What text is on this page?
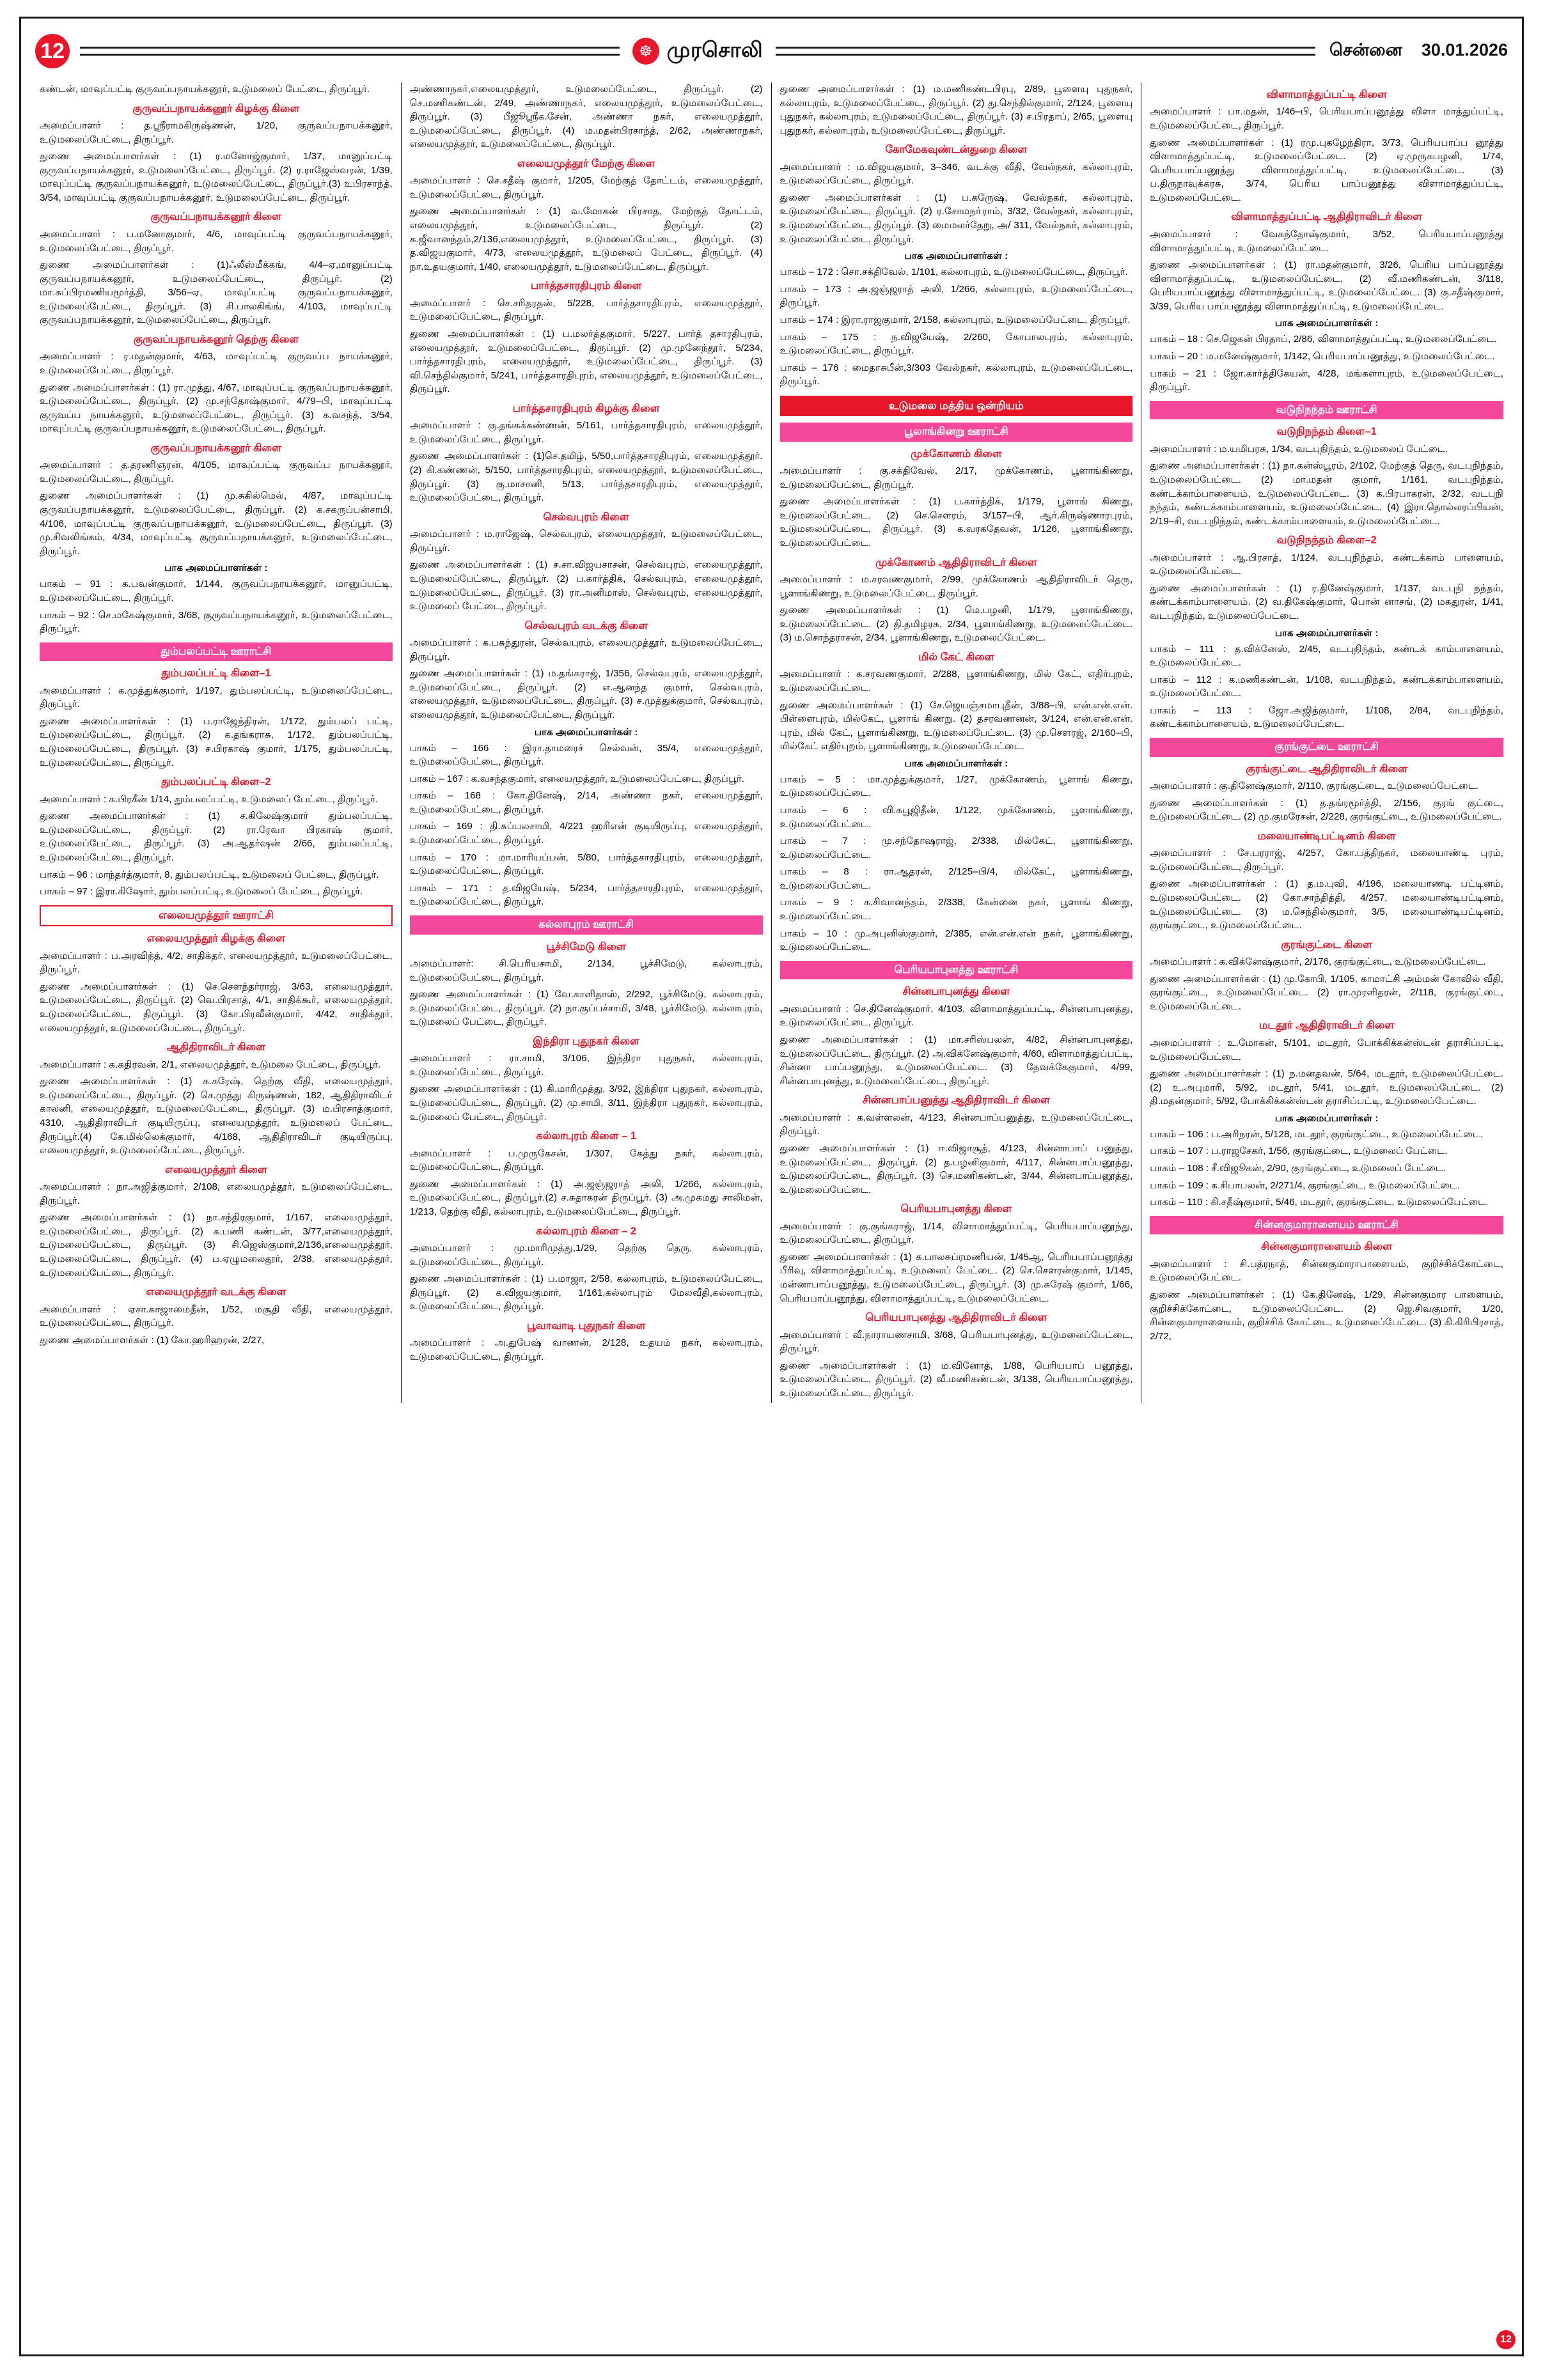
12	☸ முரசொலி	சென்னை 30.01.2026
கண்டன், மாவுப்பட்டி குருவப்பநாயக்கனூர், உடுமலைப் பேட்டை, திருப்பூர்.
குருவப்பநாயக்கனூர் கிழக்கு கிளை
அமைப்பாளர் : த.ஸ்ரீராமகிருஷ்ணன், 1/20, குருவப்பநாயக்கனூர், உடுமலைப்பேட்டை, திருப்பூர்.
துணை அமைப்பாளர்கள் : (1) ர.மனோஜ்குமார், 1/37, மானுப்பட்டி குருவப்பநாயக்கனூர், உடுமலைப்பேட்டை, திருப்பூர். (2) ர.ராஜேஸ்வரன், 1/39, மாவுப்பட்டி குருவப்பநாயக்கனூர், உடுமலைப்பேட்டை, திருப்பூர்.(3) உபிரசாந்த், 3/54, மாவுப்பட்டி குருவப்பநாயக்கனூர், உடுமலைப்பேட்டை, திருப்பூர்.
குருவப்பநாயக்கனூர் கிளை
அமைப்பாளர் : ப.மனோகுமார், 4/6, மாவுப்பட்டி குருவப்பநாயக்கனூர், உடுமலைப்பேட்டை, திருப்பூர்.
துணை அமைப்பாளர்கள் : (1)ஃலீஸ்மீக்கங், 4/4–ஏ,மானுப்பட்டி குருவப்பநாயக்கனூர், உடுமலைப்பேட்டை, திருப்பூர். (2) மா.சுப்பிரமணியமூர்த்தி, 3/56–ஏ, மாவுப்பட்டி குருவப்பநாயக்கனூர், உடுமலைப்பேட்டை, திருப்பூர். (3) சி.பாலகிங்ங், 4/103, மாவுப்பட்டி குருவப்பநாயக்கனூர், உடுமலைப்பேட்டை, திருப்பூர்.
குருவப்பநாயக்கனூர் தெற்கு கிளை
அமைப்பாளர் : ர.மதன்குமார், 4/63, மாவுப்பட்டி குருவப்ப நாயக்கனூர், உடுமலைப்பேட்டை, திருப்பூர்.
துணை அமைப்பாளர்கள் : (1) ரா.முத்து, 4/67, மாவுப்பட்டி குருவப்பநாயக்கனூர், உடுமலைப்பேட்டை, திருப்பூர். (2) மு.சந்தோஷ்குமார், 4/79–பி, மாவுப்பட்டி குருவப்ப நாயக்கனூர், உடுமலைப்பேட்டை, திருப்பூர். (3) க.வசந்த், 3/54, மாவுப்பட்டி குருவப்பநாயக்கனூர், உடுமலைப்பேட்டை, திருப்பூர்.
குருவப்பநாயக்கனூர் கிளை
அமைப்பாளர் : த.தரணிஞரன், 4/105, மாவுப்பட்டி குருவப்ப நாயக்கனூர், உடுமலைப்பேட்டை, திருப்பூர்.
துணை அமைப்பாளர்கள் : (1) மு.சுகில்மெல், 4/87, மாவுப்பட்டி குருவப்பநாயக்கனூர், உடுமலைப்பேட்டை, திருப்பூர். (2) க.சகருப்பன்சாமி, 4/106, மாவுப்பட்டி குருவப்பநாயக்கனூர், உடுமலைப்பேட்டை, திருப்பூர். (3) மு.சிவலிங்கம், 4/34, மாவுப்பட்டி குருவப்பநாயக்கனூர், உடுமலைப்பேட்டை, திருப்பூர்.
பாக அமைப்பாளர்கள் :
பாகம் – 91 : க.பவன்குமார், 1/144, குருவப்பநாயக்கனூர், மானுப்பட்டி, உடுமலைப்பேட்டை, திருப்பூர்.
பாகம் – 92 : செ.மகேஷ்குமார், 3/68, குருவப்பநாயக்கனூர், உடுமலைப்பேட்டை, திருப்பூர்.
தும்பலப்பட்டி ஊராட்சி
தும்பலப்பட்டி கிளை–1
அமைப்பாளர் : க.முத்துக்குமார், 1/197, தும்பலப்பட்டி, உடுமலைப்பேட்டை, திருப்பூர்.
துணை அமைப்பாளர்கள் : (1) ப.ராஜேந்திரன், 1/172, தும்பலப் பட்டி, உடுமலைப்பேட்டை, திருப்பூர். (2) க.தங்கராசு, 1/172, தும்பலப்பட்டி, உடுமலைப்பேட்டை, திருப்பூர். (3) ச.பிரகாஷ் குமார், 1/175, தும்பலப்பட்டி, உடுமலைப்பேட்டை, திருப்பூர்.
தும்பலப்பட்டி கிளை–2
அமைப்பாளர் : க.பிரகீன் 1/14, தும்பலப்பட்டி, உடுமலைப் பேட்டை, திருப்பூர்.
துணை அமைப்பாளர்கள் : (1) ச.கிலேஷ்குமார் தும்பலப்பட்டி, உடுமலைப்பேட்டை, திருப்பூர். (2) ரா.ரேவா பிரகாஷ் குமார், உடுமலைப்பேட்டை, திருப்பூர். (3) அ.ஆதர்ஷன் 2/66, தும்பலப்பட்டி, உடுமலைப்பேட்டை, திருப்பூர்.
பாகம் – 96 : மாந்தர்த்குமார், 8, தும்பலப்பட்டி, உடுமலைப் பேட்டை, திருப்பூர்.
பாகம் – 97 : இரா.கிஷோர், தும்பலப்பட்டி, உடுமலைப் பேட்டை, திருப்பூர்.
எலையமுத்தூர் ஊராட்சி
எலையமுத்தூர் கிழக்கு கிளை
அமைப்பாளர் : ப.அரவிந்த், 4/2, சாதிக்தர், எலையமுத்தூர், உடுமலைப்பேட்டை, திருப்பூர்.
துணை அமைப்பாளர்கள் : (1) செ.சௌந்தர்ராஜ், 3/63, எலையமுத்தூர், உடுமலைப்பேட்டை, திருப்பூர். (2) வெ.பிரசாத், 4/1, சாதிக்கூர், எலையமுத்தூர், உடுமலைப்பேட்டை, திருப்பூர். (3) கோ.பிரவீன்குமார், 4/42, சாதிக்தூர், எலையமுத்தூர், உடுமலைப்பேட்டை, திருப்பூர்.
ஆதிதிராவிடர் கிளை
அமைப்பாளர் : க.கதிரவன், 2/1, எலையமுத்தூர், உடுமலை பேட்டை, திருப்பூர்.
துணை அமைப்பாளர்கள் : (1) க.கரேஷ், தெற்கு வீதி, எலையமுத்தூர், உடுமலைப்பேட்டை, திருப்பூர். (2) செ.முத்து கிருஷ்ணன், 182, ஆதிதிராவிடர் காலனி, எலையமுத்தூர், உடுமலைப்பேட்டை, திருப்பூர். (3) ம.பிரசாத்குமார், 4310, ஆதிதிராவிடர் குடியிருப்பு, எலையமுத்தூர், உடுமலைப் பேட்டை, திருப்பூர்.(4) கே.மில்லெக்குமார், 4/168, ஆதிதிராவிடர் குடியிருப்பு, எலையமுத்தூர், உடுமலைப்பேட்டை, திருப்பூர்.
எலையமுத்தூர் கிளை
அமைப்பாளர் : நா.அஜித்குமார், 2/108, எலையமுத்தூர், உடுமலைப்பேட்டை, திருப்பூர்.
துணை அமைப்பாளர்கள் : (1) நா.சந்திரகுமார், 1/167, எலையமுத்தூர், உடுமலைப்பேட்டை, திருப்பூர். (2) க.பணி கண்டன், 3/77,எலையமுத்தூர், உடுமலைப்பேட்டை, திருப்பூர். (3) சி.ஜெஸ்குமார்,2/136,எலையமுத்தூர், உடுமலைப்பேட்டை, திருப்பூர். (4) ப.ஏழுமலைதூர், 2/38, எலையமுத்தூர், உடுமலைப்பேட்டை, திருப்பூர்.
எலையமுத்தூர் வடக்கு கிளை
அமைப்பாளர் : ஏசா.காஜாமைதீன், 1/52, மசூதி வீதி, எலையமுத்தூர், உடுமலைப்பேட்டை, திருப்பூர்.
துணை அமைப்பாளர்கள் : (1) கோ.ஹரிஹரன், 2/27,
அண்ணாநகர்,எலையமுத்தூர், உடுமலைப்பேட்டை, திருப்பூர். (2) செ.மணிகண்டன், 2/49, அண்ணாநகர், எலையமுத்தூர், உடுமலைப்பேட்டை, திருப்பூர். (3) பீஜூஸ்ரீக.சேன், அண்ணா நகர், எலையமுத்தூர், உடுமலைப்பேட்டை, திருப்பூர். (4) ம.மதன்பிரசாந்த், 2/62, அண்ணாநகர், எலையமுத்தூர், உடுமலைப்பேட்டை, திருப்பூர்.
எலையமுத்தூர் மேற்கு கிளை
அமைப்பாளர் : செ.சதீஷ் குமார், 1/205, மேற்குத் தோட்டம், எலையமுத்தூர், உடுமலைப்பேட்டை, திருப்பூர்.
துணை அமைப்பாளர்கள் : (1) வ.மோகன் பிரசாத, மேற்குத் தோட்டம், எலையமுத்தூர், உடுமலைப்பேட்டை, திருப்பூர். (2) க.ஜீவானந்தம்,2/136,எலையமுத்தூர், உடுமலைப்பேட்டை, திருப்பூர். (3) த.விஜயகுமார், 4/73, எலையமுத்தூர், உடுமலைப் பேட்டை, திருப்பூர். (4) நா.உதயகுமார், 1/40, எலையமுத்தூர், உடுமலைப்பேட்டை, திருப்பூர்.
பார்த்தசாரதிபுரம் கிளை
அமைப்பாளர் : செ.சரிதரதன், 5/228, பார்த்தசாரதிபுரம், எலையமுத்தூர், உடுமலைப்பேட்டை, திருப்பூர்.
துணை அமைப்பாளர்கள் : (1) ப.மலர்த்தகுமார், 5/227, பார்த் தசாரதிபுரம், எலையமுத்தூர், உடுமலைப்பேட்டை, திருப்பூர். (2) மு.முனேந்தூர், 5/234, பார்த்தசாரதிபுரம், எலையமுத்தூர், உடுமலைப்பேட்டை, திருப்பூர். (3) வி.செந்தில்குமார், 5/241, பார்த்தசாரதிபுரம், எலையமுத்தூர், உடுமலைப்பேட்டை, திருப்பூர்.
பார்த்தசாரதிபுரம் கிழக்கு கிளை
அமைப்பாளர் : கு.தங்கக்கண்ணன், 5/161, பார்த்தசாரதிபுரம், எலையமுத்தூர், உடுமலைப்பேட்டை, திருப்பூர்.
துணை அமைப்பாளர்கள் : (1)செ.தமிழ், 5/50,பார்த்தசாரதிபுரம், எலையமுத்தூர். (2) கி.கண்ணன், 5/150, பார்த்தசாரதிபுரம், எலையமுத்தூர், உடுமலைப்பேட்டை, திருப்பூர். (3) கு.மாசானி, 5/13, பார்த்தசாரதிபுரம், எலையமுத்தூர், உடுமலைப்பேட்டை, திருப்பூர்.
செல்வபுரம் கிளை
அமைப்பாளர் : ம.ராஜேஷ், செல்வபுரம், எலையமுத்தூர், உடுமலைப்பேட்டை, திருப்பூர்.
துணை அமைப்பாளர்கள் : (1) ச.சா.விஜயசாசன், செல்வபுரம், எலையமுத்தூர், உடுமலைப்பேட்டை, திருப்பூர். (2) ப.கார்த்திக், செல்வபுரம், எலையமுத்தூர், உடுமலைப்பேட்டை, திருப்பூர். (3) ரா.அனிமாஸ், செல்வபுரம், எலையமுத்தூர், உடுமலைப் பேட்டை, திருப்பூர்.
செல்வபுரம் வடக்கு கிளை
அமைப்பாளர் : க.பசுந்துரன், செல்வபுரம், எலையமுத்தூர், உடுமலைப்பேட்டை, திருப்பூர்.
துணை அமைப்பாளர்கள் : (1) ம.தங்கராஜ், 1/356, செல்வபுரம், எலையமுத்தூர், உடுமலைப்பேட்டை, திருப்பூர். (2) எ.ஆனந்த குமார், செல்வபுரம், எலையமுத்தூர், உடுமலைப்பேட்டை, திருப்பூர். (3) ச.முத்துக்குமார், செல்வபுரம், எலையமுத்தூர், உடுமலைப்பேட்டை, திருப்பூர்.
பாக அமைப்பாளர்கள் :
பாகம் – 166 : இரா.தாமரைச் செல்வன், 35/4, எலையமுத்தூர், உடுமலைப்பேட்டை, திருப்பூர்.
பாகம் – 167 : க.வசந்தகுமார், எலையமுத்தூர், உடுமலைப்பேட்டை, திருப்பூர்.
பாகம் – 168 : கோ.தினேஷ், 2/14, அண்ணா நகர், எலையமுத்தூர், உடுமலைப்பேட்டை, திருப்பூர்.
பாகம் – 169 : தி.சுப்பலசாமி, 4/221 ஹரிஎன் குடியிருப்பு, எலையமுத்தூர், உடுமலைப்பேட்டை, திருப்பூர்.
பாகம் – 170 : மா.மாரியப்பன், 5/80, பார்த்தசாரதிபுரம், எலையமுத்தூர், உடுமலைப்பேட்டை, திருப்பூர்.
பாகம் – 171 : த.விஜயேஷ், 5/234, பார்த்தசாரதிபுரம், எலையமுத்தூர், உடுமலைப்பேட்டை, திருப்பூர்.
கல்லாபுரம் ஊராட்சி
பூச்சிமேடு கிளை
அமைப்பாளர்: சி.பெரியசாமி, 2/134, பூச்சிமேடு, கல்லாபுரம், உடுமலைப்பேட்டை, திருப்பூர்.
துணை அமைப்பாளர்கள் : (1) வே.காளிதாஸ், 2/292, பூச்சிமேடு, கல்லாபுரம், உடுமலைப்பேட்டை, திருப்பூர். (2) நா.குப்பச்சாமி, 3/48, பூச்சிமேடு, கல்லாபுரம், உடுமலைப் பேட்டை, திருப்பூர்.
இந்திரா புதுநகர் கிளை
அமைப்பாளர் : ரா.சாமி, 3/106, இந்திரா புதுநகர், கல்லாபுரம், உடுமலைப்பேட்டை, திருப்பூர்.
துணை அமைப்பாளர்கள் : (1) கி.மாரிமுத்து, 3/92, இந்திரா புதுநகர், கல்லாபுரம், உடுமலைப்பேட்டை, திருப்பூர். (2) மு.சாமி, 3/11, இந்திரா புதுநகர், கல்லாபுரம், உடுமலைப் பேட்டை, திருப்பூர்.
கல்லாபுரம் கிளை – 1
அமைப்பாளர் : ப.முருகேசன், 1/307, கேத்து நகர், கல்லாபுரம், உடுமலைப்பேட்டை, திருப்பூர்.
துணை அமைப்பாளர்கள் : (1) அ.ஜஞ்ஜராத் அலி, 1/266, கல்லாபுரம், உடுமலைப்பேட்டை, திருப்பூர்.(2) ச.சுதாகரன் திருப்பூர். (3) அ.முகமது சாலிமன், 1/213, தெற்கு வீதி, கல்லாபுரம், உடுமலைப்பேட்டை, திருப்பூர்.
கல்லாபுரம் கிளை – 2
அமைப்பாளர் : மு.மாரிமுத்து,1/29, தெற்கு தெரு, கல்லாபுரம், உடுமலைப்பேட்டை, திருப்பூர்.
துணை அமைப்பாளர்கள் : (1) ப.மாஜா, 2/58, கல்லாபுரம், உடுமலைப்பேட்டை, திருப்பூர். (2) க.விஜயகுமார், 1/161,கல்லாபுரம் மேலவீதி,கல்லாபுரம், உடுமலைப்பேட்டை, திருப்பூர்.
பூவாவாடி புதுநகர் கிளை
அமைப்பாளர் : அ.துபேஷ் வாணன், 2/128, உதயம் நகர், கல்லாபுரம், உடுமலைப்பேட்டை, திருப்பூர்.
துணை அமைப்பாளர்கள் : (1) ம.மணிகண்டபிரபு, 2/89, பூளையு புதுநகர், கல்லாபுரம், உடுமலைப்பேட்டை, திருப்பூர். (2) து.செந்தில்குமார், 2/124, பூளையு புதுநகர், கல்லாபுரம், உடுமலைப்பேட்டை, திருப்பூர். (3) ச.பிரதாப், 2/65, பூளையு புதுநகர், கல்லாபுரம், உடுமலைப்பேட்டை, திருப்பூர்.
கோமேகவுண்டன்துறை கிளை
அமைப்பாளர் : ம.விஜயகுமார், 3–346, வடக்கு வீதி, வேல்நகர், கல்லாபுரம், உடுமலைப்பேட்டை, திருப்பூர்.
துணை அமைப்பாளர்கள் : (1) ப.கருேஷ், வேல்நகர், கல்லாபுரம், உடுமலைப்பேட்டை, திருப்பூர். (2) ர.சோமநா்ராம், 3/32, வேல்நகர், கல்லாபுரம், உடுமலைப்பேட்டை, திருப்பூர். (3) மைமலர்தேறு, அ/ 311, வேல்நகர், கல்லாபுரம், உடுமலைப்பேட்டை, திருப்பூர்.
பாக அமைப்பாளர்கள் :
பாகம் – 172 : சொ.சக்திவேல், 1/101, கல்லாபுரம், உடுமலைப்பேட்டை, திருப்பூர்.
பாகம் – 173 : அ.ஜஞ்ஜராத் அலி, 1/266, கல்லாபுரம், உடுமலைப்பேட்டை, திருப்பூர்.
பாகம் – 174 : இரா.ராஜகுமார், 2/158, கல்லாபுரம், உடுமலைப்பேட்டை, திருப்பூர்.
பாகம் – 175 : ந.விஜயேஷ், 2/260, கோபாலபுரம், கல்லாபுரம், உடுமலைப்பேட்டை, திருப்பூர்.
பாகம் – 176 : மைதாசுபீன்,3/303 வேல்நகர், கல்லாபுரம், உடுமலைப்பேட்டை, திருப்பூர்.
உடுமலை மத்திய ஒன்றியம்
பூலாங்கினறு ஊராட்சி
முக்கோணம் கிளை
அமைப்பாளர் : கு.சக்திவேல், 2/17, முக்கோணம், பூளாங்கிணறு, உடுமலைப்பேட்டை, திருப்பூர்.
துணை அமைப்பாளர்கள் : (1) ப.கார்த்திக், 1/179, பூளாங் கிணறு, உடுமலைப்பேட்டை. (2) செ.சௌரம், 3/157–பி, ஆர்.கிருஷ்ணாரபுரம், உடுமலைப்பேட்டை, திருப்பூர். (3) க.வரகதேவன், 1/126, பூளாங்கிணறு, உடுமலைப்பேட்டை.
முக்கோணம் ஆதிதிராவிடர் கிளை
அமைப்பாளர் : ம.சரவணகுமார், 2/99, முக்கோணம் ஆதிதிராவிடர் தெரு, பூளாங்கிணறு, உடுமலைப்பேட்டை, திருப்பூர்.
துணை அமைப்பாளர்கள் : (1) மெ.பழனி, 1/179, பூளாங்கிணறு, உடுமலைப்பேட்டை. (2) தி.தமிழரசு, 2/34, பூளாங்கிணறு, உடுமலைப்பேட்டை. (3) ம.சொந்தராசன், 2/34, பூளாங்கிணறு, உடுமலைப்பேட்டை.
மில் கேட் கிளை
அமைப்பாளர் : க.சரவணகுமார், 2/288, பூளாங்கிணறு, மில் கேட், எதிர்புறம், உடுமலைப்பேட்டை.
துணை அமைப்பாளர்கள் : (1) சே.ஜெயஞ்சமாபுதீன், 3/88–பி, என்.என்.என். பிள்ளைபுரம், மில்கேட், பூளாங் கிணறு. (2) தசரவணனன், 3/124, என்.என்.என். புரம், மில் கேட், பூளாங்கிணறு, உடுமலைப்பேட்டை. (3) மு.சௌரஜ், 2/160–பி, மில்கேட் எதிர்புறம், பூளாங்கிணறு, உடுமலைப்பேட்டை.
பாக அமைப்பாளர்கள் :
பாகம் – 5 : மா.முத்துக்குமார், 1/27, முக்கோணம், பூளாங் கிணறு, உடுமலைப்பேட்டை.
பாகம் – 6 : வி.கபூஜிதீன், 1/122, முக்கோணம், பூளாங்கிணறு, உடுமலைப்பேட்டை.
பாகம் – 7 : மு.சந்தோஷராஜ், 2/338, மில்கேட், பூளாங்கிணறு, உடுமலைப்பேட்டை.
பாகம் – 8 : ரா.ஆதரன், 2/125–பி/4, மில்கேட், பூளாங்கிணறு, உடுமலைப்பேட்டை.
பாகம் – 9 : க.சிவானந்தம், 2/338, கேன்னை நகர், பூளாங் கிணறு, உடுமலைப்பேட்டை.
பாகம் – 10 : மு.அபுனிஸ்குமார், 2/385, என்.என்.என் நகர், பூளாங்கிணறு, உடுமலைப்பேட்டை.
பெரியபாபுனத்து ஊராட்சி
சின்னபாபுனத்து கிளை
அமைப்பாளர் : செ.தினேஷ்குமார், 4/103, விளாமாத்துப்பட்டி, சின்னபாபுனத்து, உடுமலைப்பேட்டை, திருப்பூர்.
துணை அமைப்பாளர்கள் : (1) மா.சரிஸ்பலன், 4/82, சின்னபாபுனத்து, உடுமலைப்பேட்டை, திருப்பூர். (2) அ.விக்னேஷ்குமார், 4/60, விளாமாத்துப்பட்டி, சின்னா பாப்பனூந்து, உடுமலைப்பேட்டை. (3) தேவக்கேகுமார், 4/99, சின்னபாபுனத்து, உடுமலைப்பேட்டை, திருப்பூர்.
சின்னபாப்பனுத்து ஆதிதிராவிடர் கிளை
அமைப்பாளர் : க.வள்ளலன், 4/123, சின்னபாப்பனுத்து, உடுமலைப்பேட்டை, திருப்பூர்.
துணை அமைப்பாளர்கள் : (1) ஈ.விஜாசூத், 4/123, சின்னாபாப் பனுத்து, உடுமலைப்பேட்டை, திருப்பூர். (2) த.பழனிகுமார், 4/117, சின்னபாப்பனூத்து, உடுமலைப்பேட்டை, திருப்பூர். (3) செ.மணிகண்டன், 3/44, சின்னபாப்பனூத்து, உடுமலைப்பேட்டை.
பெரியபாபுனத்து கிளை
அமைப்பாளர் : கு.குங்கராஜ், 1/14, விளாமாத்துப்பட்டி, பெரியபாப்பனூந்து, உடுமலைப்பேட்டை, திருப்பூர்.
துணை அமைப்பாளர்கள் : (1) க.பாலசுப்ரமணியன், 1/45ஆ, பெரியபாப்பனூத்து பீரிவு, விளாமாத்துப்பட்டி, உடுமலைப் பேட்டை. (2) செ.சௌரன்குமார், 1/145, மன்னாபாப்பனூத்து, உடுமலைப்பேட்டை, திருப்பூர். (3) மு.சுரேஷ் குமார், 1/66, பெரியபாப்பனூந்து, விளாமாத்துப்பட்டி, உடுமலைப்பேட்டை.
பெரியபாபுனத்து ஆதிதிராவிடர் கிளை
அமைப்பாளர் : வீ.நாராயணசாமி, 3/68, பெரியபாபுனத்து, உடுமலைப்பேட்டை, திருப்பூர்.
துணை அமைப்பாளர்கள் : (1) ம.வினோத், 1/88, பெரியபாப் பனூத்து, உடுமலைப்பேட்டை, திருப்பூர். (2) வீ.மணிகண்டன், 3/138, பெரியபாப்பனூத்து, உடுமலைப்பேட்டை, திருப்பூர்.
விளாமாத்துப்பட்டி கிளை
அமைப்பாளர் : பா.மதன், 1/46–பி, பெரியபாப்பனூத்து விளா மாத்துப்பட்டி, உடுமலைப்பேட்டை, திருப்பூர்.
துணை அமைப்பாளர்கள் : (1) ரமு.புகழேந்திரா, 3/73, பெரியபாப்ப னூத்து விளாமாத்துப்பட்டி, உடுமலைப்பேட்டை. (2) ஏ.முருகபழனி, 1/74, பெரியபாப்பனூத்து விளாமாத்துப்பட்டி, உடுமலைப்பேட்டை. (3) ப.திருநாவுக்கரசு, 3/74, பெரிய பாப்பனூத்து விளாமாத்துப்பட்டி, உடுமலைப்பேட்டை.
விளாமாத்துப்பட்டி ஆதிதிராவிடர் கிளை
அமைப்பாளர் : வேகந்தோஷ்குமார், 3/52, பெரியபாப்பனூத்து விளாமாத்துப்பட்டி, உடுமலைப்பேட்டை.
துணை அமைப்பாளர்கள் : (1) ரா.மதன்குமார், 3/26, பெரிய பாப்பனூத்து விளாமாத்துப்பட்டி, உடுமலைப்பேட்டை. (2) வீ.மணிகண்டன், 3/118, பெரியபாப்பனூத்து விளாமாத்துப்பட்டி, உடுமலைப்பேட்டை. (3) கு.சதீஷ்குமார், 3/39, பெரிய பாப்பனூத்து விளாமாத்துப்பட்டி, உடுமலைப்பேட்டை.
பாக அமைப்பாளர்கள் :
பாகம் – 18 : செ.ஜெகன் பிரதாப், 2/86, விளாமாத்துப்பட்டி, உடுமலைப்பேட்டை.
பாகம் – 20 : ம.மனேஷ்குமார், 1/142, பெரியபாப்பனூத்து, உடுமலைப்பேட்டை.
பாகம் – 21 : ஜோ.கார்த்திகேயன், 4/28, மங்களாபுரம், உடுமலைப்பேட்டை, திருப்பூர்.
வடுநிநந்தம் ஊராட்சி
வடுநிநந்தம் கிளை–1
அமைப்பாளர் : ம.யமிபரசு, 1/34, வடபுநிந்தம், உடுமலைப் பேட்டை.
துணை அமைப்பாளர்கள் : (1) நா.கன்ஸ்பூரம், 2/102, மேற்குத் தெரு, வடபுநிந்தம், உடுமலைப்பேட்டை. (2) மா.மதன் குமார், 1/161, வடபுநிந்தம், கண்டக்காம்பாளையம், உடுமலைப்பேட்டை. (3) க.பிரபாகரன், 2/32, வடபுநி நந்தம், கண்டக்காம்பாளையம், உடுமலைப்பேட்டை. (4) இரா.தொல்லரப்பியன், 2/19–சி, வடபுநிந்தம், கண்டக்காம்பாளையம், உடுமலைப்பேட்டை.
வடுநிநந்தம் கிளை–2
அமைப்பாளர் : ஆ.பிரசாத், 1/124, வடபுநிந்தம், கண்டக்காம் பாளையம், உடுமலைப்பேட்டை.
துணை அமைப்பாளர்கள் : (1) ர.தினேஷ்குமார், 1/137, வடபுநி நந்தம், கண்டக்காம்பாளையம். (2) வ.திகேஷ்குமார், பொன் னாசங், (2) மகதுரன், 1/41, வடபுநிந்தம், உடுமலைப்பேட்டை.
பாக அமைப்பாளர்கள் :
பாகம் – 111 : த.விக்னேஸ், 2/45, வடபுநிந்தம், கண்டக் காம்பாளையம், உடுமலைப்பேட்டை.
பாகம் – 112 : க.மணிகண்டன், 1/108, வடபுநிந்தம், கண்டக்காம்பாளையம், உடுமலைப்பேட்டை.
பாகம் – 113 : ஜோ.அஜித்குமார், 1/108, 2/84, வடபுநிந்தம், கண்டக்காம்பாளையம், உடுமலைப்பேட்டை.
குரங்குட்டை ஊராட்சி
குரங்குட்டை ஆதிதிராவிடர் கிளை
அமைப்பாளர் : கு.தினேஷ்குமார், 2/110, குரங்குட்டை, உடுமலைப்பேட்டை.
துணை அமைப்பாளர்கள் : (1) த.தங்ரமூர்த்தி, 2/156, குரங் குட்டை, உடுமலைப்பேட்டை. (2) மு.குமரேசன், 2/228, குரங்குட்டை, உடுமலைப்பேட்டை.
மலையாண்டிபட்டினம் கிளை
அமைப்பாளர் : சே.பரராஜ், 4/257, கோ.பத்திநகர், மலையாண்டி புரம், உடுமலைப்பேட்டை, திருப்பூர்.
துணை அமைப்பாளர்கள் : (1) த.ம.புவி, 4/196, மலையாணடி பட்டினம், உடுமலைப்பேட்டை. (2) கோ.சாந்தித்தி, 4/257, மலையாண்டிபட்டினம், உடுமலைப்பேட்டை. (3) ம.செந்தில்குமார், 3/5, மலையாண்டிபட்டினம், குரங்குட்டை, உடுமலைப்பேட்டை.
குரங்குட்டை கிளை
அமைப்பாளர் : க.விக்னேஷ்குமார், 2/176, குரங்குட்டை, உடுமலைப்பேட்டை.
துணை அமைப்பாளர்கள் : (1) மு.கோபி, 1/105, காமாட்சி அம்மன் கோவில் வீதி, குரங்குட்டை, உடுமலைப்பேட்டை. (2) ரா.முரளிதரன், 2/118, குரங்குட்டை, உடுமலைப்பேட்டை.
மடதூர் ஆதிதிராவிடர் கிளை
அமைப்பாளர் : உ.மோகன், 5/101, மடதூர், போக்கிக்கன்ஸ்டன் தராசிப்பட்டி, உடுமலைப்பேட்டை.
துணை அமைப்பாளர்கள் : (1) ந.மனதவன், 5/64, மடதூர், உடுமலைப்பேட்டை. (2) உ.அபுமாரி, 5/92, மடதூர், 5/41, மடதூர், உடுமலைப்பேட்டை. (2) தி.மதன்குமார், 5/92, போக்கிக்கன்ஸ்டன் தராசிப்பட்டி, உடுமலைப்பேட்டை.
பாக அமைப்பாளர்கள் :
பாகம் – 106 : ப.அரிநரன், 5/128, மடதூர், குரங்குட்டை, உடுமலைப்பேட்டை.
பாகம் – 107 : ப.ராஜசேகர், 1/56, குரங்குட்டை, உடுமலைப் பேட்டை.
பாகம் – 108 : சீ.விஜூகன், 2/90, குரங்குட்டை, உடுமலைப் பேட்டை.
பாகம் – 109 : க.சிபாபலன், 2/271/4, குரங்குட்டை, உடுமலைப்பேட்டை.
பாகம் – 110 : கி.சதீஷ்குமார், 5/46, மடதூர், குரங்குட்டை, உடுமலைப்பேட்டை.
சின்னகுமாராளையம் ஊராட்சி
சின்னகுமாராளையம் கிளை
அமைப்பாளர் : சி.பத்ரநாத், சின்னகுமாராபாளையம், குறிச்சிக்கோட்டை, உடுமலைப்பேட்டை.
துணை அமைப்பாளர்கள் : (1) கே.தினேஷ், 1/29, சின்னகுமார பாளையம், குறிச்சிக்கோட்டை, உடுமலைப்பேட்டை. (2) ஜெ.சிவகுமார், 1/20, சின்னகுமாராளையம், குறிச்சிக் கோட்டை, உடுமலைப்பேட்டை. (3) கி.கிரிபிரசாத், 2/72,
12
